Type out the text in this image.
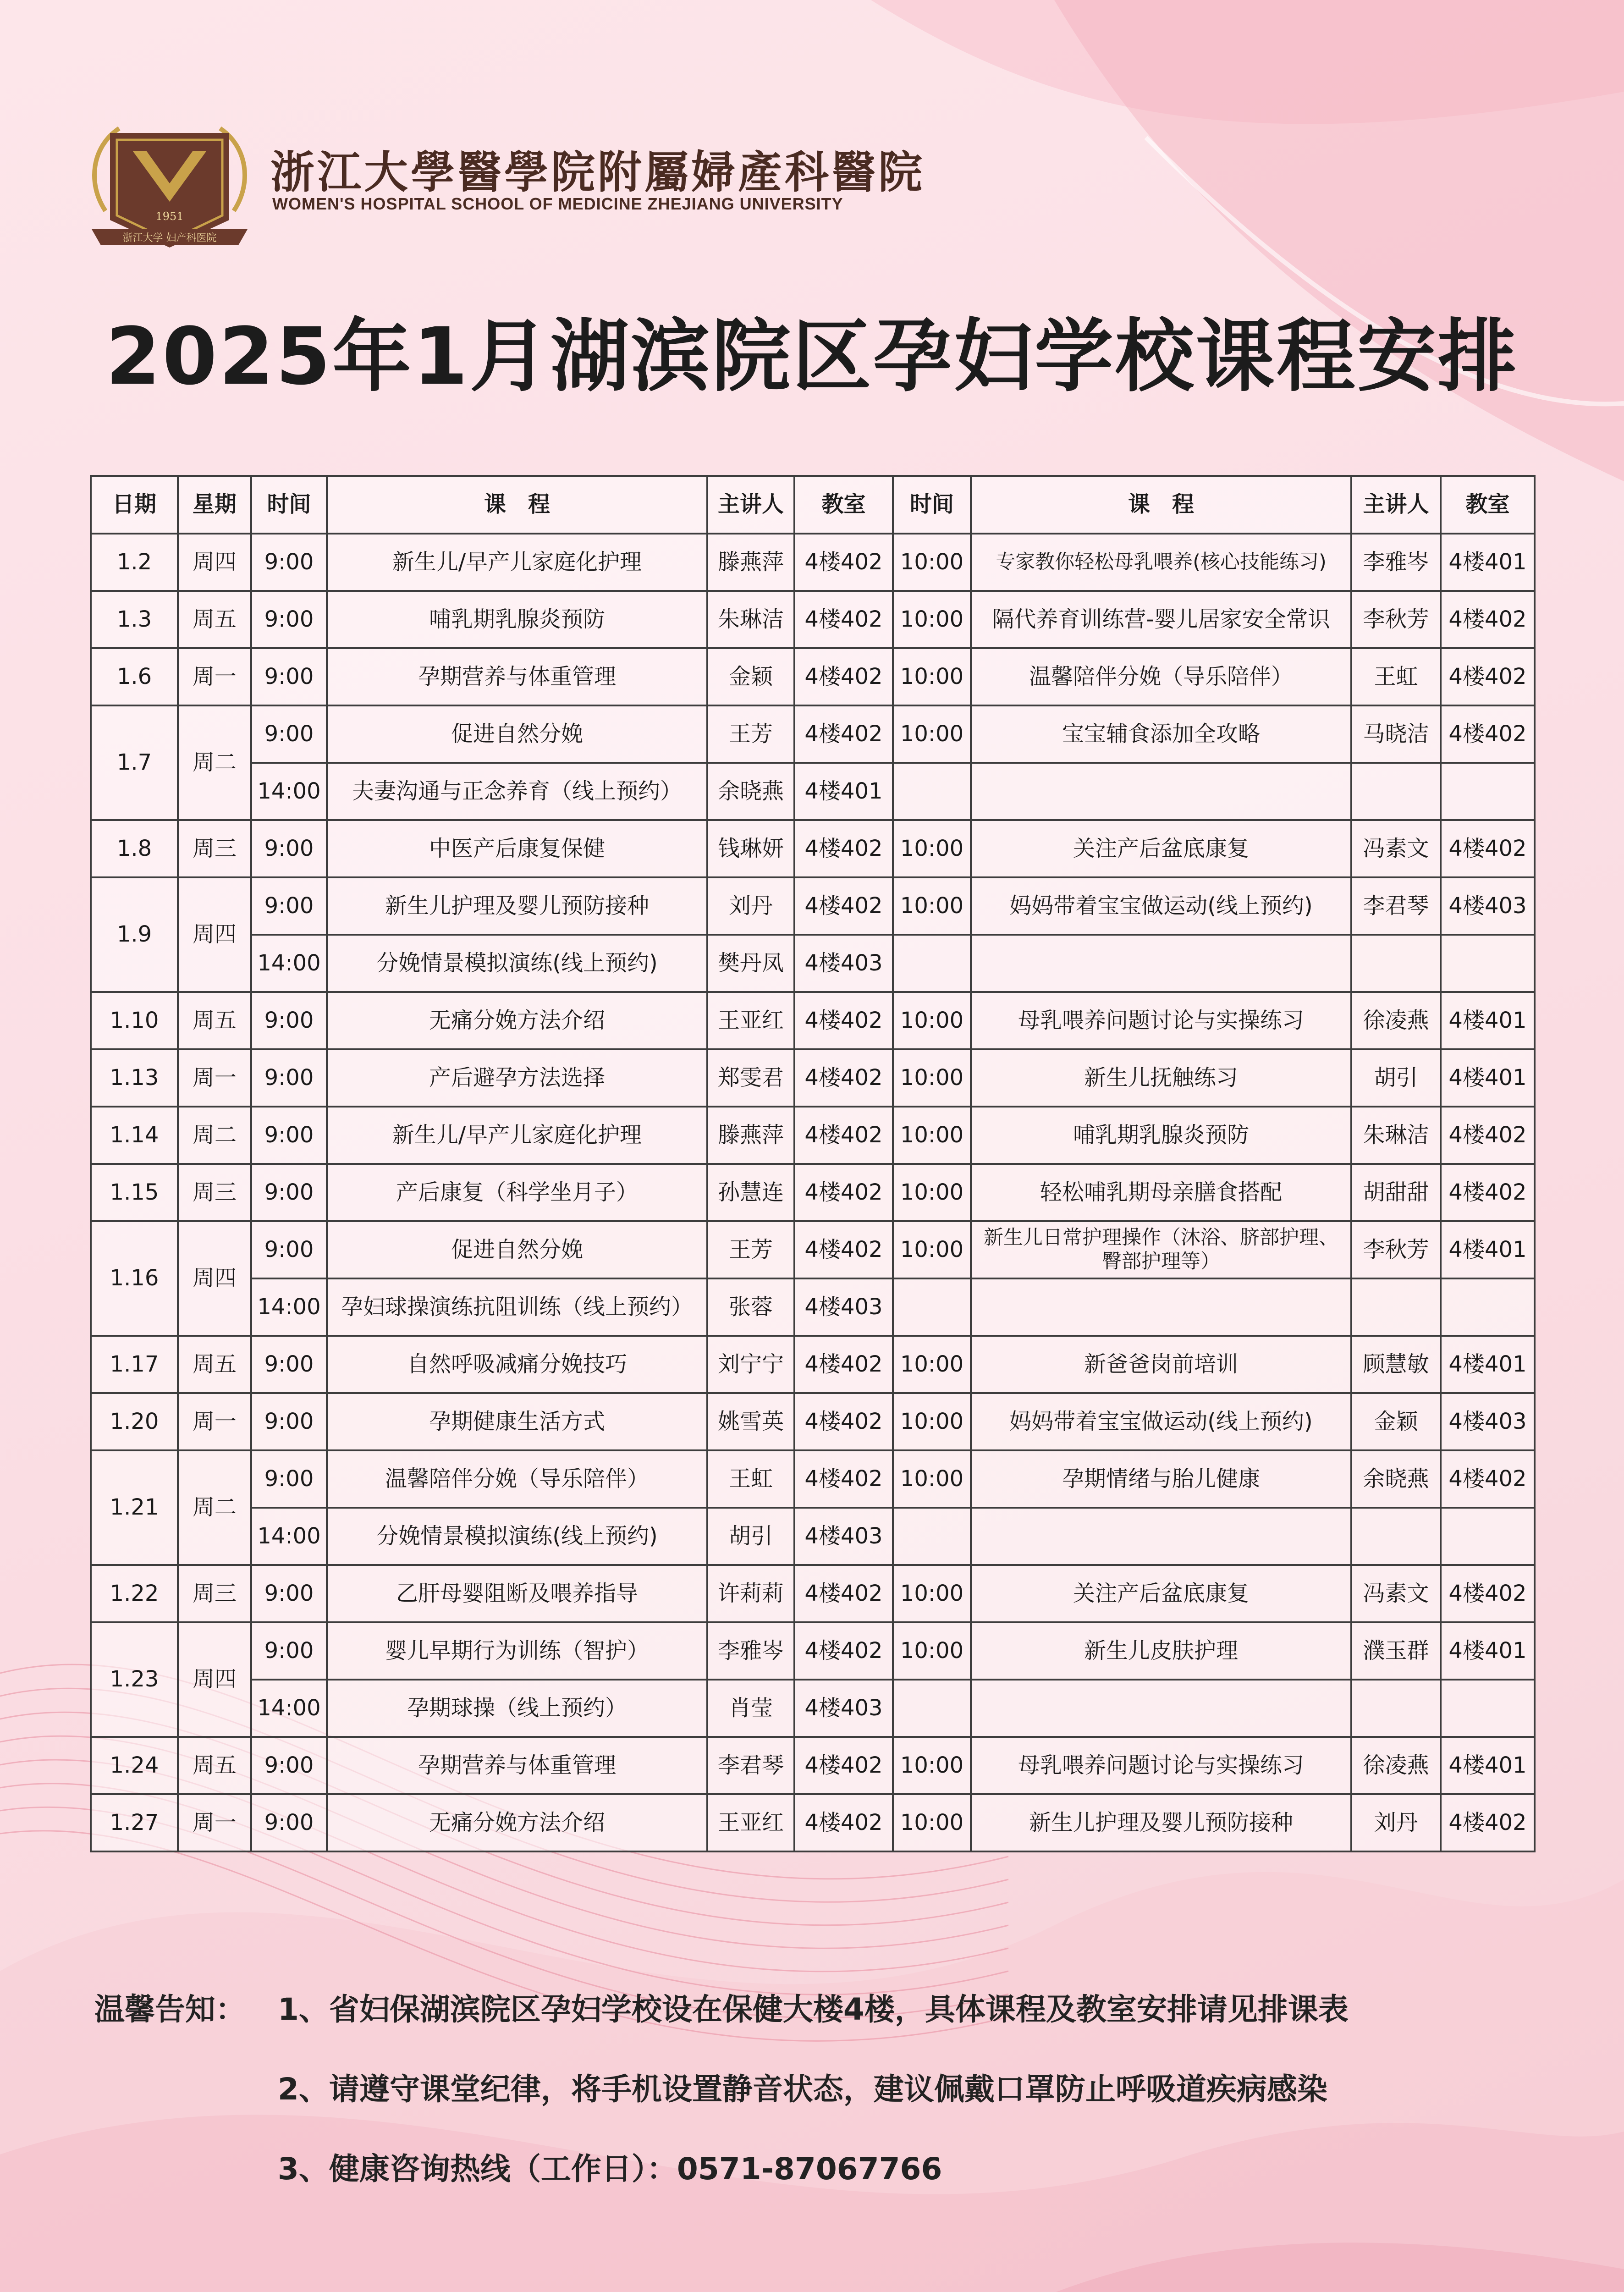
1951
浙江大学 妇产科医院
浙江大學醫學院附屬婦產科醫院
WOMEN'S HOSPITAL SCHOOL OF MEDICINE ZHEJIANG UNIVERSITY
2025年1月湖滨院区孕妇学校课程安排
日期	星期	时间	课　程	主讲人	教室	时间	课　程	主讲人	教室
1.2	周四	9:00	新生儿/早产儿家庭化护理	滕燕萍	4楼402	10:00	专家教你轻松母乳喂养(核心技能练习)	李雅岑	4楼401
1.3	周五	9:00	哺乳期乳腺炎预防	朱琳洁	4楼402	10:00	隔代养育训练营-婴儿居家安全常识	李秋芳	4楼402
1.6	周一	9:00	孕期营养与体重管理	金颖	4楼402	10:00	温馨陪伴分娩（导乐陪伴）	王虹	4楼402
1.7	周二	9:00	促进自然分娩	王芳	4楼402	10:00	宝宝辅食添加全攻略	马晓洁	4楼402
		14:00	夫妻沟通与正念养育（线上预约）	余晓燕	4楼401				
1.8	周三	9:00	中医产后康复保健	钱琳妍	4楼402	10:00	关注产后盆底康复	冯素文	4楼402
1.9	周四	9:00	新生儿护理及婴儿预防接种	刘丹	4楼402	10:00	妈妈带着宝宝做运动(线上预约)	李君琴	4楼403
		14:00	分娩情景模拟演练(线上预约)	樊丹凤	4楼403				
1.10	周五	9:00	无痛分娩方法介绍	王亚红	4楼402	10:00	母乳喂养问题讨论与实操练习	徐凌燕	4楼401
1.13	周一	9:00	产后避孕方法选择	郑雯君	4楼402	10:00	新生儿抚触练习	胡引	4楼401
1.14	周二	9:00	新生儿/早产儿家庭化护理	滕燕萍	4楼402	10:00	哺乳期乳腺炎预防	朱琳洁	4楼402
1.15	周三	9:00	产后康复（科学坐月子）	孙慧连	4楼402	10:00	轻松哺乳期母亲膳食搭配	胡甜甜	4楼402
1.16	周四	9:00	促进自然分娩	王芳	4楼402	10:00	新生儿日常护理操作（沐浴、脐部护理、臀部护理等）	李秋芳	4楼401
		14:00	孕妇球操演练抗阻训练（线上预约）	张蓉	4楼403				
1.17	周五	9:00	自然呼吸减痛分娩技巧	刘宁宁	4楼402	10:00	新爸爸岗前培训	顾慧敏	4楼401
1.20	周一	9:00	孕期健康生活方式	姚雪英	4楼402	10:00	妈妈带着宝宝做运动(线上预约)	金颖	4楼403
1.21	周二	9:00	温馨陪伴分娩（导乐陪伴）	王虹	4楼402	10:00	孕期情绪与胎儿健康	余晓燕	4楼402
		14:00	分娩情景模拟演练(线上预约)	胡引	4楼403				
1.22	周三	9:00	乙肝母婴阻断及喂养指导	许莉莉	4楼402	10:00	关注产后盆底康复	冯素文	4楼402
1.23	周四	9:00	婴儿早期行为训练（智护）	李雅岑	4楼402	10:00	新生儿皮肤护理	濮玉群	4楼401
		14:00	孕期球操（线上预约）	肖莹	4楼403				
1.24	周五	9:00	孕期营养与体重管理	李君琴	4楼402	10:00	母乳喂养问题讨论与实操练习	徐凌燕	4楼401
1.27	周一	9:00	无痛分娩方法介绍	王亚红	4楼402	10:00	新生儿护理及婴儿预防接种	刘丹	4楼402
温馨告知： 1、省妇保湖滨院区孕妇学校设在保健大楼4楼，具体课程及教室安排请见排课表
2、请遵守课堂纪律，将手机设置静音状态，建议佩戴口罩防止呼吸道疾病感染
3、健康咨询热线（工作日）：0571-87067766
